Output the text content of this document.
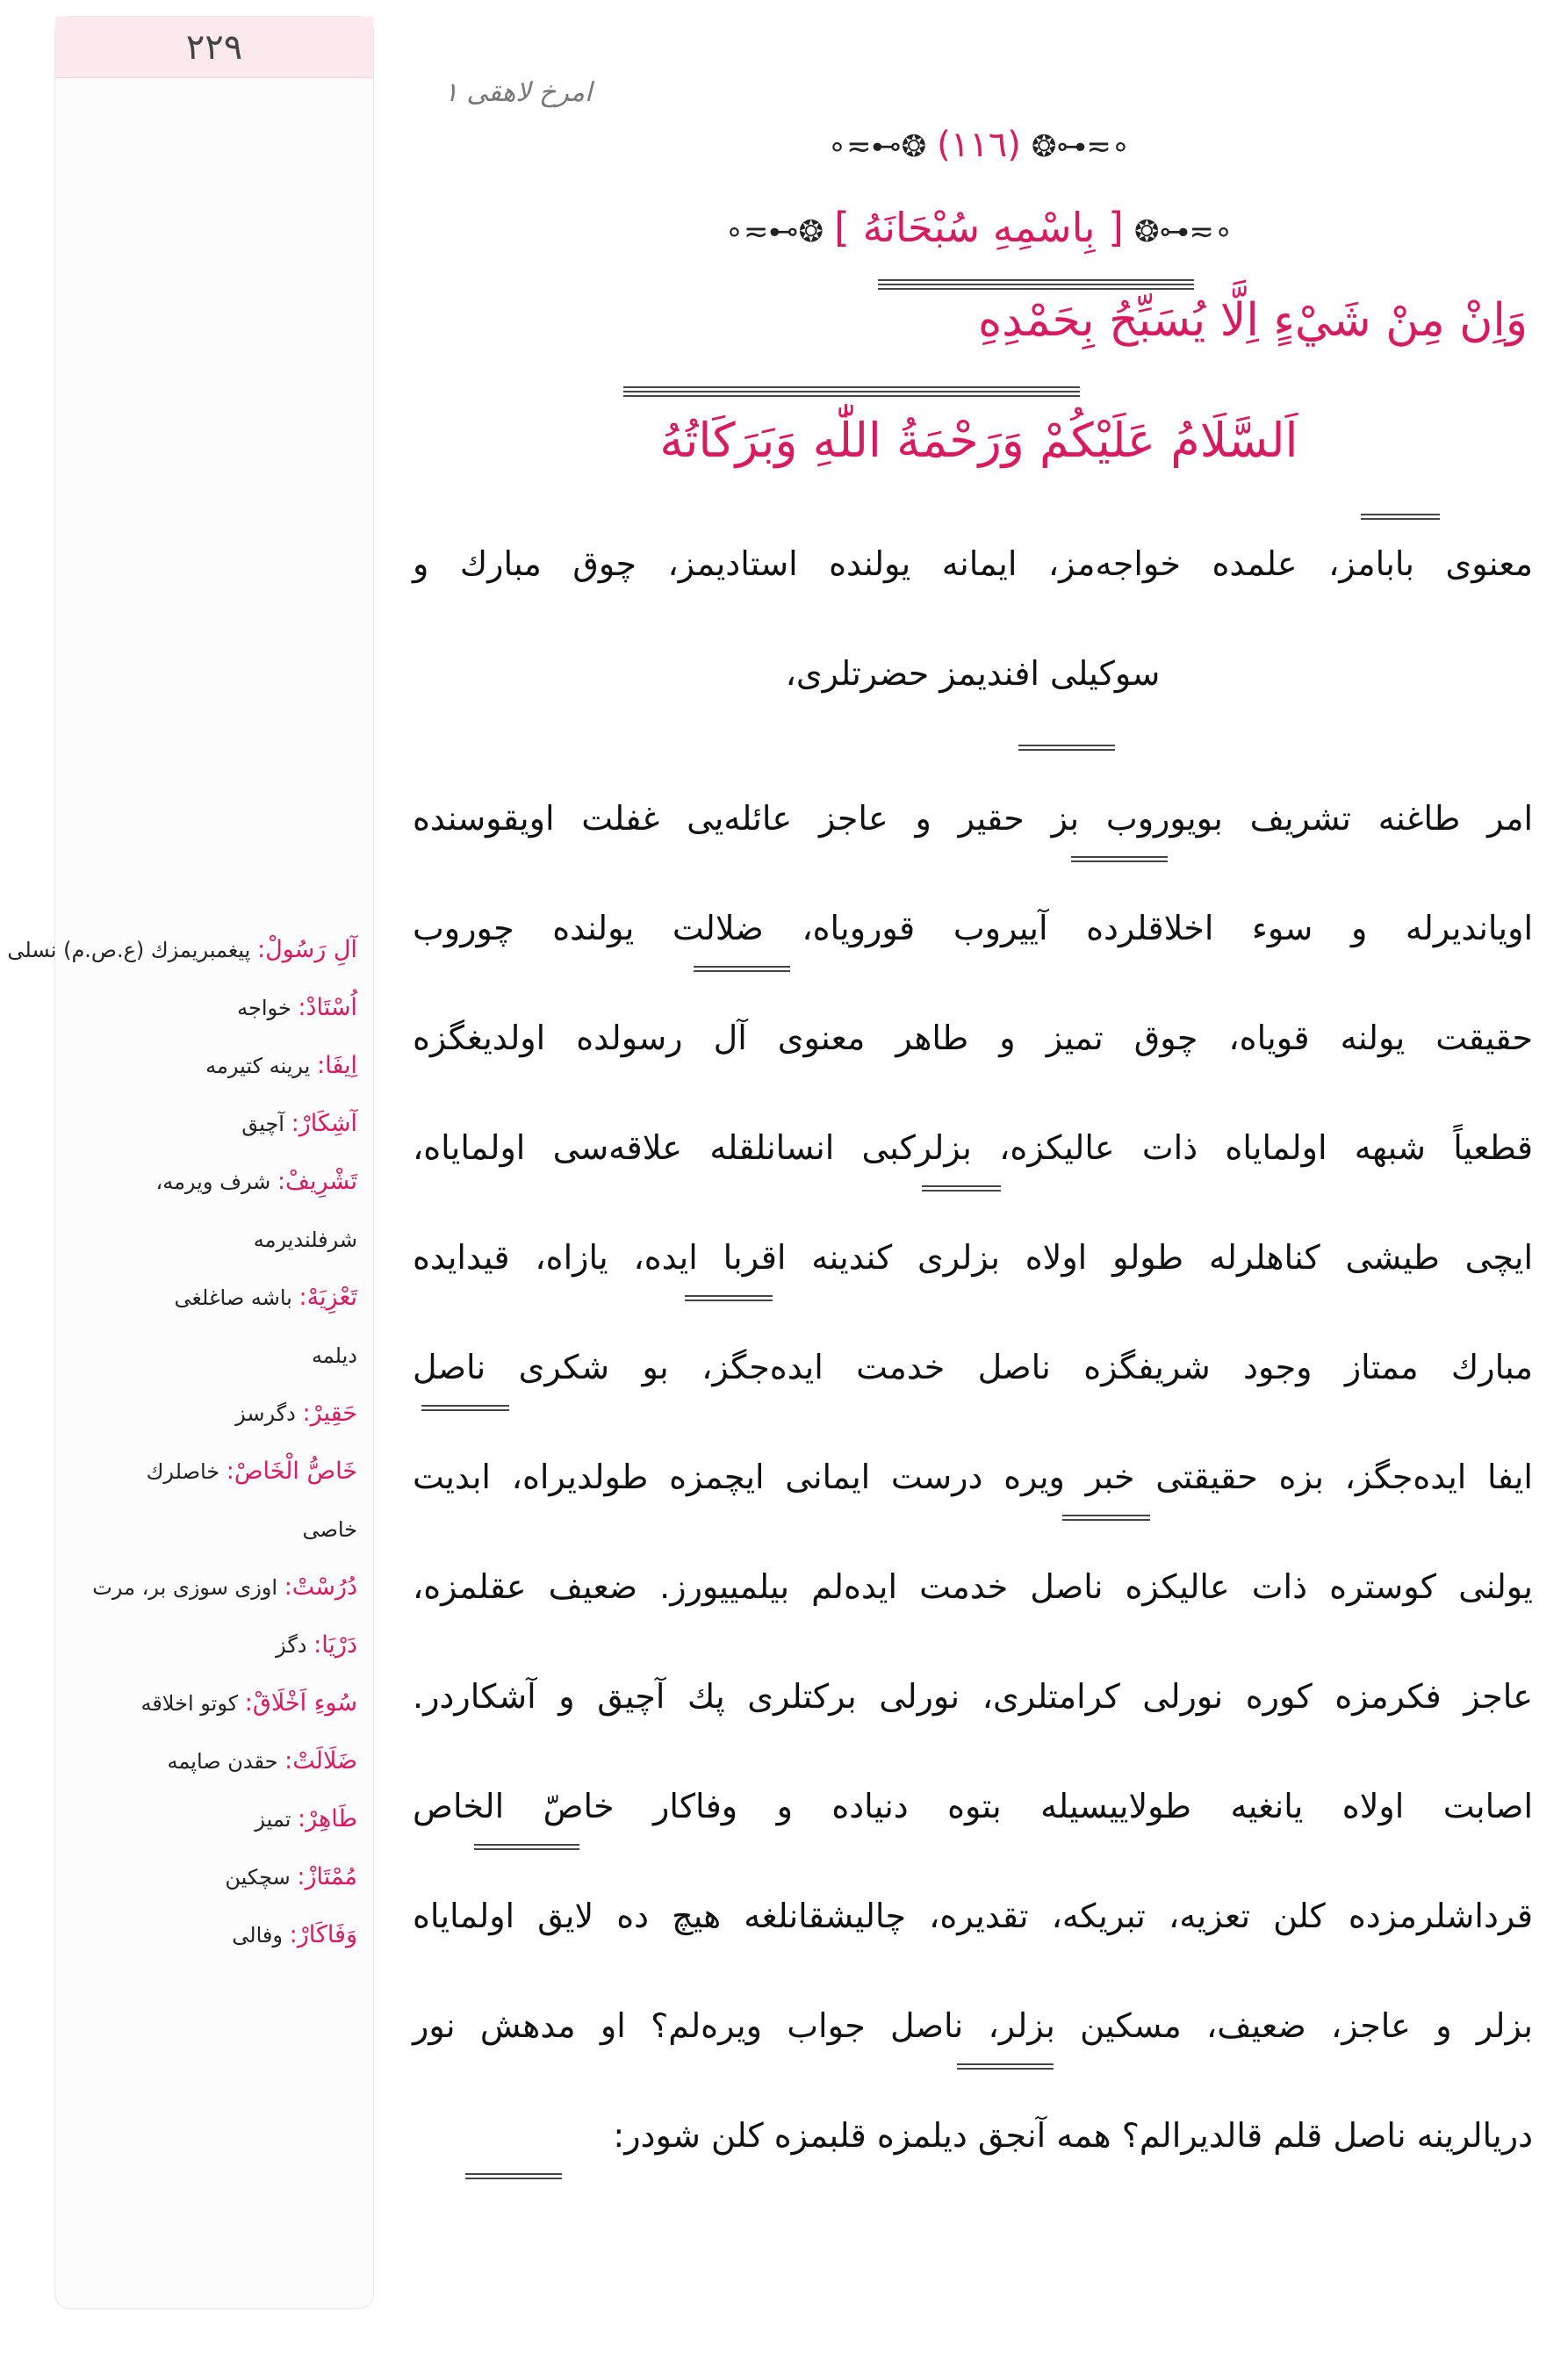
٢٢٩
آلِ رَسُولْ: پیغمبریمزك (ع.ص.م) نسلی
اُسْتَادْ: خواجه
اِيفَا: یرینه کتیرمه
آشِكَارْ: آچیق
تَشْرِيفْ: شرف ویرمه،
شرفلندیرمه
تَعْزِيَهْ: باشه صاغلغی
دیلمه
حَقِيرْ: دگرسز
خَاصُّ الْخَاصْ: خاصلرك
خاصی
دُرُسْتْ: اوزی سوزی بر، مرت
دَرْيَا: دگز
سُوءِ اَخْلَاقْ: کوتو اخلاقه
ضَلَالَتْ: حقدن صاپمه
طَاهِرْ: تمیز
مُمْتَازْ: سچکین
وَفَاكَارْ: وفالی
امرخ لاهقی ١
∘≂⊷❂(١١٦)❂⊶≂∘
∘≂⊷❂[ بِاسْمِهِ سُبْحَانَهُ ]❂⊶≂∘
وَاِنْ مِنْ شَيْءٍ اِلَّا يُسَبِّحُ بِحَمْدِهِ
اَلسَّلَامُ عَلَيْكُمْ وَرَحْمَةُ اللّٰهِ وَبَرَكَاتُهُ
معنوی بابامز، علمده خواجه‌مز، ایمانه یولنده استادیمز، چوق مبارك و
سوكیلی افندیمز حضرتلری،
امر طاغنه تشریف بویوروب بز حقیر و عاجز عائله‌یی غفلت اویقوسنده
اویاندیرله و سوء اخلاقلرده آییروب قورویاه، ضلالت یولنده چوروب
حقیقت یولنه قویاه، چوق تمیز و طاهر معنوی آل رسولده اولدیغگزه
قطعیاً شبهه اولمایاه ذات عالیکزه، بزلرکبی انسانلقله علاقه‌سی اولمایاه،
ایچی طیشی کناهلرله طولو اولاه بزلری کندینه اقربا ایده، یازاه، قیدایده
مبارك ممتاز وجود شریفگزه ناصل خدمت ایده‌جگز، بو شکری ناصل
ایفا ایده‌جگز، بزه حقیقتی خبر ویره درست ایمانی ایچمزه طولدیراه، ابدیت
یولنی کوستره ذات عالیکزه ناصل خدمت ایده‌لم بیلمییورز. ضعیف عقلمزه،
عاجز فکرمزه کوره نورلی کرامتلری، نورلی برکتلری پك آچیق و آشکاردر.
اصابت اولاه یانغیه طولاییسیله بتوه دنیاده و وفاکار خاصّ الخاص
قرداشلرمزده کلن تعزیه، تبریکه، تقدیره، چالیشقانلغه هیچ ده لایق اولمایاه
بزلر و عاجز، ضعیف، مسکین بزلر، ناصل جواب ویره‌لم؟ او مدهش نور
دریالرینه ناصل قلم قالدیرالم؟ همه آنجق دیلمزه قلبمزه کلن شودر:
